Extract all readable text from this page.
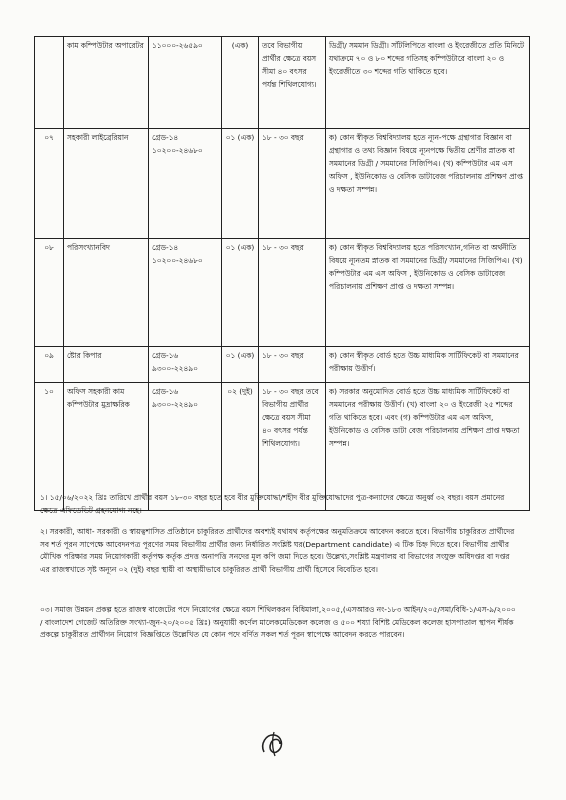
	কাম কম্পিউটার অপারেটর	১১০০০-২৬৫৯০	(এক)	তবে বিভাগীয় প্রার্থীর ক্ষেত্রে বয়স সীমা ৪০ বৎসর পর্যন্ত শিথিলযোগ্য।	ডিগ্রী/ সমমান ডিগ্রী। সাঁটলিপিতে বাংলা ও ইংরেজীতে প্রতি মিনিটে যথাক্রমে ৭০ ও ৮০ শব্দের গতিসহ কম্পিউটারে বাংলা ২০ ও ইংরেজীতে ৩০ শব্দের গতি থাকিতে হবে।
০৭	সহকারী লাইব্রেরিয়ান	গ্রেড-১৪ ১০২০০-২৪৬৮০	০১ (এক)	১৮ - ৩০ বছর	ক) কোন স্বীকৃত বিশ্ববিদ্যালয় হতে ন্যূন-পক্ষে গ্রন্থাগার বিজ্ঞান বা গ্রন্থাগার ও তথ্য বিজ্ঞান বিষয়ে ন্যূনপক্ষে দ্বিতীয় শ্রেণীর স্নাতক বা সমমানের ডিগ্রী / সমমানের সিজিপিএ। (খ) কম্পিউটার এম এস অফিস , ইউনিকোড ও বেসিক ডাটাবেজ পরিচালনায় প্রশিক্ষণ প্রাপ্ত ও দক্ষতা সম্পন্ন।
০৮	পরিসংখ্যানবিদ	গ্রেড-১৪ ১০২০০-২৪৬৮০	০১ (এক)	১৮ - ৩০ বছর	ক) কোন স্বীকৃত বিশ্ববিদ্যালয় হতে পরিসংখ্যান,গনিত বা অর্থনীতি বিষয়ে ন্যূনতম স্নাতক বা সমমানের ডিগ্রী/ সমমানের সিজিপিএ। (খ) কম্পিউটার এম এস অফিস , ইউনিকোড ও বেসিক ডাটাবেজ পরিচালনায় প্রশিক্ষণ প্রাপ্ত ও দক্ষতা সম্পন্ন।
০৯	ষ্টোর কিপার	গ্রেড-১৬ ৯৩০০-২২৪৯০	০১ (এক)	১৮ - ৩০ বছর	ক) কোন স্বীকৃত বোর্ড হতে উচ্চ মাধ্যমিক সার্টিফিকেট বা সমমানের পরীক্ষায় উত্তীর্ণ।
১০	অফিস সহকারী কাম কম্পিউটার মুদ্রাক্ষরিক	গ্রেড-১৬ ৯৩০০-২২৪৯০	০২ (দুই)	১৮ - ৩০ বছর তবে বিভাগীয় প্রার্থীর ক্ষেত্রে বয়স সীমা ৪০ বৎসর পর্যন্ত শিথিলযোগ্য।	ক) সরকার অনুমোদিত বোর্ড হতে উচ্চ মাধ্যমিক সার্টিফিকেট বা সমমানের পরীক্ষায় উত্তীর্ণ। (খ) বাংলা ২০ ও ইংরেজী ২৫ শব্দের গতি থাকিতে হবে। এবং (গ) কম্পিউটার এম এস অফিস, ইউনিকোড ও বেসিক ডাটা বেজ পরিচালনায় প্রশিক্ষণ প্রাপ্ত দক্ষতা সম্পন্ন।
১। ১৫/০৬/২০২২ খ্রিঃ তারিখে প্রার্থীর বয়স ১৮-৩০ বছর হতে হবে বীর মুক্তিযোদ্ধা/শহীদ বীর মুক্তিযোদ্ধাদের পুত্র-কন্যাদের ক্ষেত্রে অনুর্ধ্ব ৩২ বছর। বয়স প্রমানের ক্ষেত্রে এফিডেভিট গ্রহনযোগ্য নহে।
২। সরকারী, আধা- সরকারী ও স্বায়ত্বশাসিত প্রতিষ্ঠানে চাকুরিরত প্রার্থীদের অবশ্যই যথাযথ কর্তৃপক্ষের অনুমতিক্রমে আবেদন করতে হবে। বিভাগীয় চাকুরিরত প্রার্থীদের সব শর্ত পূরন সাপেক্ষে আবেদনপত্র পূরণের সময় বিভাগীয় প্রার্থীর জন্য নির্ধারিত সংশ্লিষ্ট ঘর(Department candidate) এ টিক চিহ্ন দিতে হবে। বিভাগীয় প্রার্থীর মৌখিক পরিক্ষার সময় নিয়োগকারী কর্তৃপক্ষ কর্তৃক প্রদত্ত অনাপত্তি সনদের মূল কপি জমা দিতে হবে। উল্লেখ্য,সংশ্লিষ্ট মন্ত্রণালয় বা বিভাগের সংযুক্ত অধিদপ্তর বা দপ্তর এর রাজস্বখাতে সৃষ্ট অন্যূন ০২ (দুই) বছর স্থায়ী বা অস্থায়ীভাবে চাকুরিরত প্রার্থী বিভাগীয় প্রার্থী হিসেবে বিবেচিত হবে।
০৩। সমাজ উন্নয়ন প্রকল্প হতে রাজস্ব বাজেটের পদে নিয়োগের ক্ষেত্রে বয়স শিথিলকরন বিধিমালা,২০০৫,(এসআরও নং-১৮৩ আইন/২০৫/সমা/বিধি-১/এস-৯/২০০০ / বাংলাদেশ গেজেট অতিরিক্ত সংখ্যা-জুন-২০/২০০৫ খ্রিঃ) অনুযায়ী কর্ণেল মালেকমেডিকেল কলেজ ও ৫০০ শয্যা বিশিষ্ট মেডিকেল কলেজ হাসপাতাল স্থাপন শীর্ষক প্রকল্পে চাকুরীরত প্রার্থীগন নিয়োগ বিজ্ঞপ্তিতে উল্লেখিত যে কোন পদে বর্ণিত সকল শর্ত পূরন স্বাপেক্ষে আবেদন করতে পারবেন।
